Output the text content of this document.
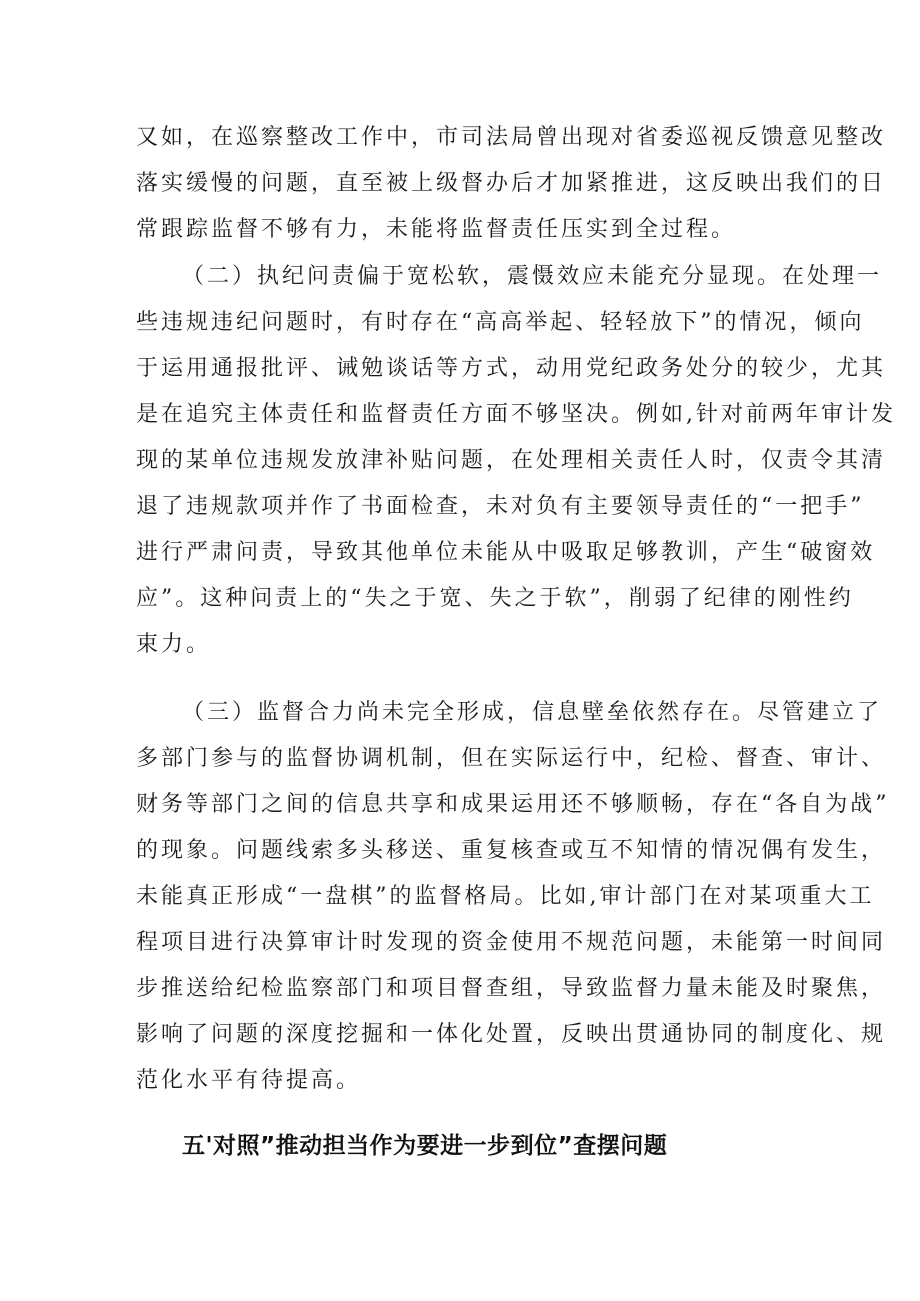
又如，在巡察整改工作中，市司法局曾出现对省委巡视反馈意见整改
落实缓慢的问题，直至被上级督办后才加紧推进，这反映出我们的日
常跟踪监督不够有力，未能将监督责任压实到全过程。
（二）执纪问责偏于宽松软，震慑效应未能充分显现。在处理一
些违规违纪问题时，有时存在“高高举起、轻轻放下”的情况，倾向
于运用通报批评、诫勉谈话等方式，动用党纪政务处分的较少，尤其
是在追究主体责任和监督责任方面不够坚决。例如,针对前两年审计发
现的某单位违规发放津补贴问题，在处理相关责任人时，仅责令其清
退了违规款项并作了书面检查，未对负有主要领导责任的“一把手”
进行严肃问责，导致其他单位未能从中吸取足够教训，产生“破窗效
应”。这种问责上的“失之于宽、失之于软”，削弱了纪律的刚性约
束力。
（三）监督合力尚未完全形成，信息壁垒依然存在。尽管建立了
多部门参与的监督协调机制，但在实际运行中，纪检、督查、审计、
财务等部门之间的信息共享和成果运用还不够顺畅，存在“各自为战”
的现象。问题线索多头移送、重复核查或互不知情的情况偶有发生，
未能真正形成“一盘棋”的监督格局。比如,审计部门在对某项重大工
程项目进行决算审计时发现的资金使用不规范问题，未能第一时间同
步推送给纪检监察部门和项目督查组，导致监督力量未能及时聚焦，
影响了问题的深度挖掘和一体化处置，反映出贯通协同的制度化、规
范化水平有待提高。
五'对照”推动担当作为要进一步到位”查摆问题
